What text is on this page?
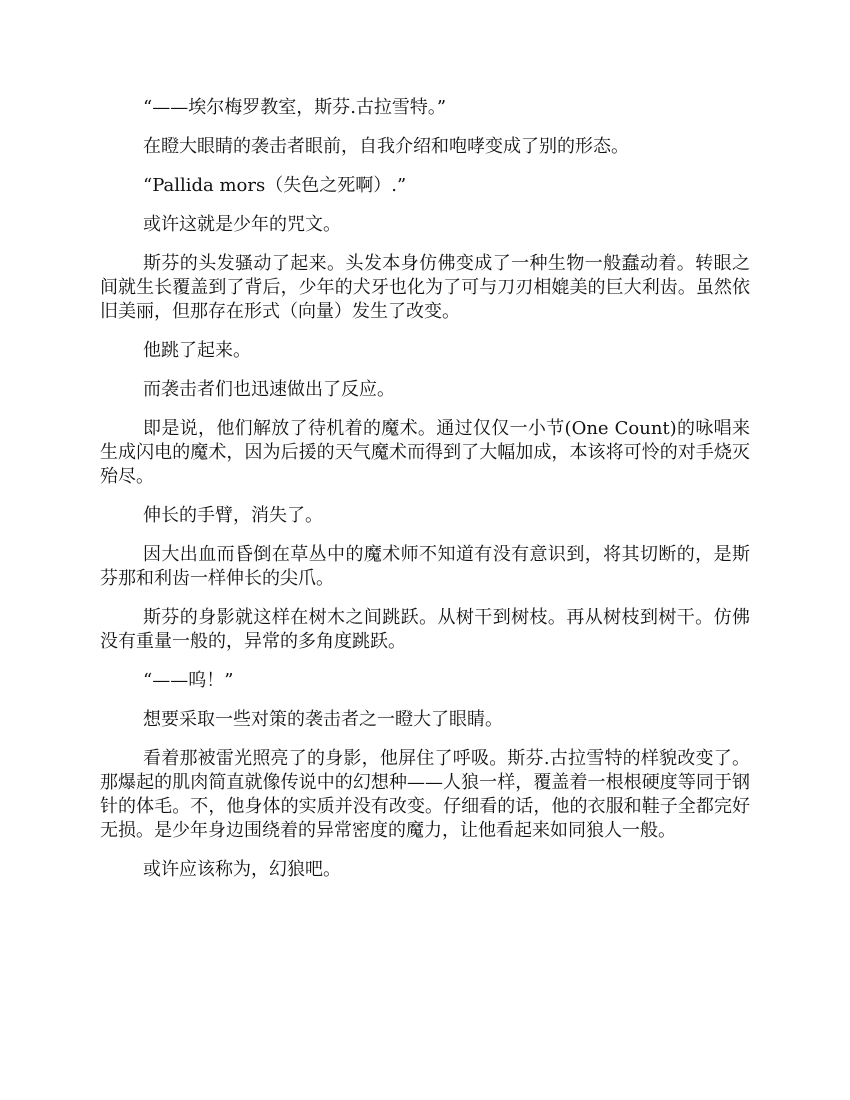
“——埃尔梅罗教室，斯芬.古拉雪特。”

在瞪大眼睛的袭击者眼前，自我介绍和咆哮变成了别的形态。

“Pallida mors（失色之死啊）.”

或许这就是少年的咒文。

斯芬的头发骚动了起来。头发本身仿佛变成了一种生物一般蠢动着。转眼之间就生长覆盖到了背后，少年的犬牙也化为了可与刀刃相媲美的巨大利齿。虽然依旧美丽，但那存在形式（向量）发生了改变。

他跳了起来。

而袭击者们也迅速做出了反应。

即是说，他们解放了待机着的魔术。通过仅仅一小节(One Count)的咏唱来生成闪电的魔术，因为后援的天气魔术而得到了大幅加成，本该将可怜的对手烧灭殆尽。

伸长的手臂，消失了。

因大出血而昏倒在草丛中的魔术师不知道有没有意识到，将其切断的，是斯芬那和利齿一样伸长的尖爪。

斯芬的身影就这样在树木之间跳跃。从树干到树枝。再从树枝到树干。仿佛没有重量一般的，异常的多角度跳跃。

“——呜！”

想要采取一些对策的袭击者之一瞪大了眼睛。

看着那被雷光照亮了的身影，他屏住了呼吸。斯芬.古拉雪特的样貌改变了。那爆起的肌肉简直就像传说中的幻想种——人狼一样，覆盖着一根根硬度等同于钢针的体毛。不，他身体的实质并没有改变。仔细看的话，他的衣服和鞋子全都完好无损。是少年身边围绕着的异常密度的魔力，让他看起来如同狼人一般。

或许应该称为，幻狼吧。
